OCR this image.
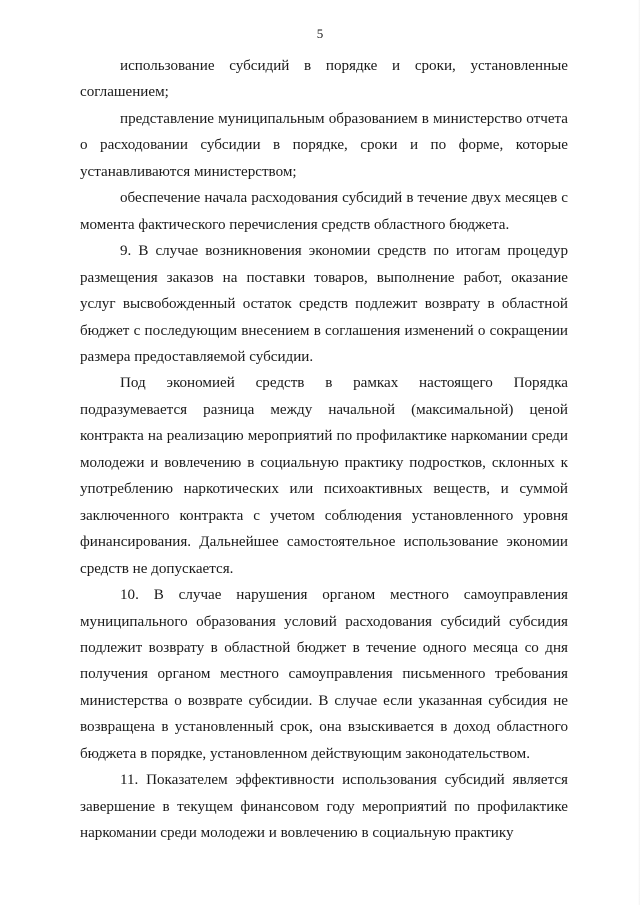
5

использование субсидий в порядке и сроки, установленные соглашением;

представление муниципальным образованием в министерство отчета о расходовании субсидии в порядке, сроки и по форме, которые устанавливаются министерством;

обеспечение начала расходования субсидий в течение двух месяцев с момента фактического перечисления средств областного бюджета.

9. В случае возникновения экономии средств по итогам процедур размещения заказов на поставки товаров, выполнение работ, оказание услуг высвобожденный остаток средств подлежит возврату в областной бюджет с последующим внесением в соглашения изменений о сокращении размера предоставляемой субсидии.

Под экономией средств в рамках настоящего Порядка подразумевается разница между начальной (максимальной) ценой контракта на реализацию мероприятий по профилактике наркомании среди молодежи и вовлечению в социальную практику подростков, склонных к употреблению наркотических или психоактивных веществ, и суммой заключенного контракта с учетом соблюдения установленного уровня финансирования. Дальнейшее самостоятельное использование экономии средств не допускается.

10. В случае нарушения органом местного самоуправления муниципального образования условий расходования субсидий субсидия подлежит возврату в областной бюджет в течение одного месяца со дня получения органом местного самоуправления письменного требования министерства о возврате субсидии. В случае если указанная субсидия не возвращена в установленный срок, она взыскивается в доход областного бюджета в порядке, установленном действующим законодательством.

11. Показателем эффективности использования субсидий является завершение в текущем финансовом году мероприятий по профилактике наркомании среди молодежи и вовлечению в социальную практику
